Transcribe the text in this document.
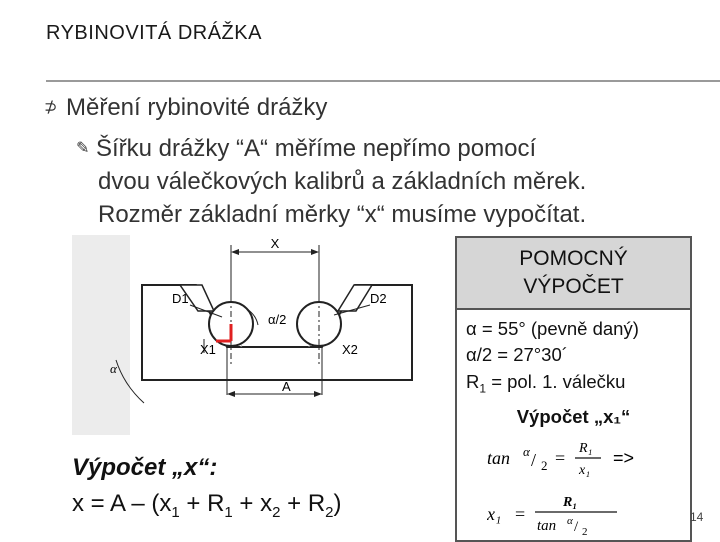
RYBINOVITÁ DRÁŽKA
⊅ Měření rybinovité drážky
✎ Šířku drážky “A“ měříme nepřímo pomocí
dvou válečkových kalibrů a základních měrek.
Rozměr základní měrky “x“ musíme vypočítat.
X
D1	D2
α/2
X1	X2
A
α
POMOCNÝ
VÝPOČET
α = 55° (pevně daný)
α/2 = 27°30´
$R_1$ = pol. 1. válečku
Výpočet „x₁“
tan α / 2 = R₁
x₁
=>
x₁ =
R₁
tan α / 2
Výpočet „x“:
$x = A - (x_1 + R_1 + x_2 + R_2)$	14
